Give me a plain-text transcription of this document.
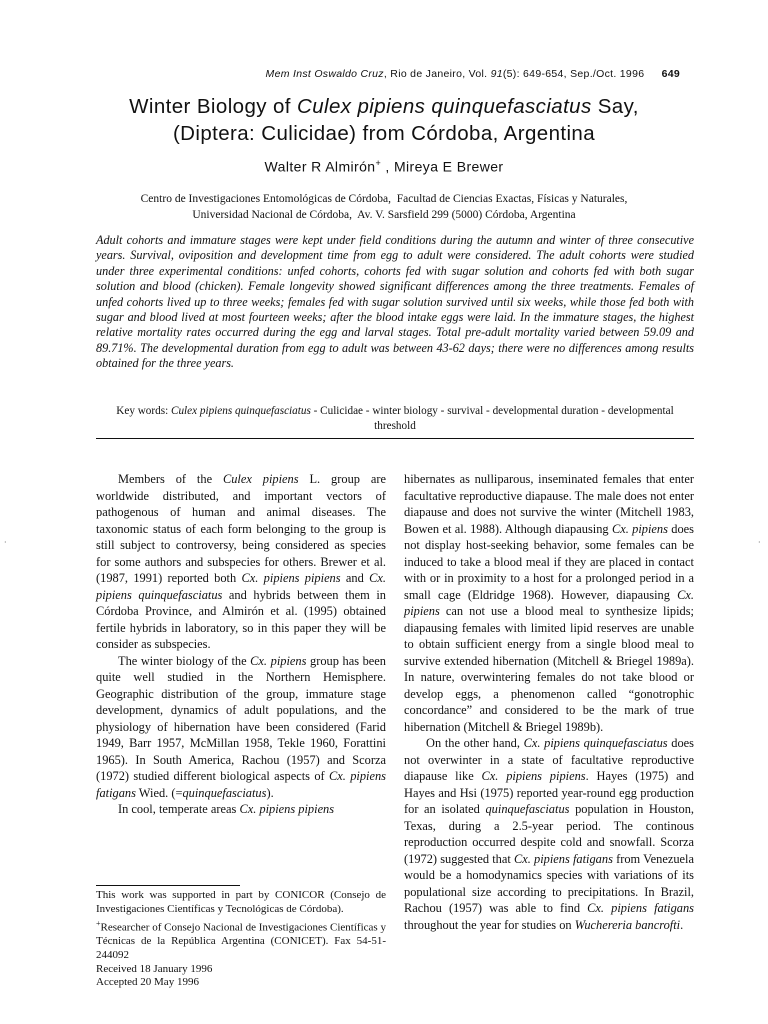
·	·
Mem Inst Oswaldo Cruz, Rio de Janeiro, Vol. 91(5): 649-654, Sep./Oct. 1996 649
Winter Biology of Culex pipiens quinquefasciatus Say,
(Diptera: Culicidae) from Córdoba, Argentina
Walter R Almirón+ , Mireya E Brewer
Centro de Investigaciones Entomológicas de Córdoba,  Facultad de Ciencias Exactas, Físicas y Naturales,
Universidad Nacional de Córdoba,  Av. V. Sarsfield 299 (5000) Córdoba, Argentina

Adult cohorts and immature stages were kept under field conditions during the autumn and winter of three consecutive years. Survival, oviposition and development time from egg to adult were considered. The adult cohorts were studied under three experimental conditions: unfed cohorts, cohorts fed with sugar solution and cohorts fed with both sugar solution and blood (chicken). Female longevity showed significant differences among the three treatments. Females of unfed cohorts lived up to three weeks; females fed with sugar solution survived until six weeks, while those fed both with sugar and blood lived at most fourteen weeks; after the blood intake eggs were laid. In the immature stages, the highest relative mortality rates occurred during the egg and larval stages. Total pre-adult mortality varied between 59.09 and 89.71%. The developmental duration from egg to adult was between 43-62 days; there were no differences among results obtained for the three years.

Key words: Culex pipiens quinquefasciatus - Culicidae - winter biology - survival - developmental duration - developmental threshold

Members of the Culex pipiens L. group are worldwide distributed, and important vectors of pathogenous of human and animal diseases. The taxonomic status of each form belonging to the group is still subject to controversy, being considered as species for some authors and subspecies for others. Brewer et al. (1987, 1991) reported both Cx. pipiens pipiens and Cx. pipiens quinquefasciatus and hybrids between them in Córdoba Province, and Almirón et al. (1995) obtained fertile hybrids in laboratory, so in this paper they will be consider as subspecies.

The winter biology of the Cx. pipiens group has been quite well studied in the Northern Hemisphere. Geographic distribution of the group, immature stage development, dynamics of adult populations, and the physiology of hibernation have been considered (Farid 1949, Barr 1957, McMillan 1958, Tekle 1960, Forattini 1965). In South America, Rachou (1957) and Scorza (1972) studied different biological aspects of Cx. pipiens fatigans Wied. (=quinquefasciatus).

In cool, temperate areas Cx. pipiens pipiens

This work was supported in part by CONICOR (Consejo de Investigaciones Científicas y Tecnológicas de Córdoba).
+Researcher of Consejo Nacional de Investigaciones Científicas y Técnicas de la República Argentina (CONICET). Fax 54-51-244092
Received 18 January 1996
Accepted 20 May 1996

hibernates as nulliparous, inseminated females that enter facultative reproductive diapause. The male does not enter diapause and does not survive the winter (Mitchell 1983, Bowen et al. 1988). Although diapausing Cx. pipiens does not display host-seeking behavior, some females can be induced to take a blood meal if they are placed in contact with or in proximity to a host for a prolonged period in a small cage (Eldridge 1968). However, diapausing Cx. pipiens can not use a blood meal to synthesize lipids; diapausing females with limited lipid reserves are unable to obtain sufficient energy from a single blood meal to survive extended hibernation (Mitchell & Briegel 1989a). In nature, overwintering females do not take blood or develop eggs, a phenomenon called “gonotrophic concordance” and considered to be the mark of true hibernation (Mitchell & Briegel 1989b).

On the other hand, Cx. pipiens quinquefasciatus does not overwinter in a state of facultative reproductive diapause like Cx. pipiens pipiens. Hayes (1975) and Hayes and Hsi (1975) reported year-round egg production for an isolated quinquefasciatus population in Houston, Texas, during a 2.5-year period. The continous reproduction occurred despite cold and snowfall. Scorza (1972) suggested that Cx. pipiens fatigans from Venezuela would be a homodynamics species with variations of its populational size according to precipitations. In Brazil, Rachou (1957) was able to find Cx. pipiens fatigans throughout the year for studies on Wuchereria bancrofti.
